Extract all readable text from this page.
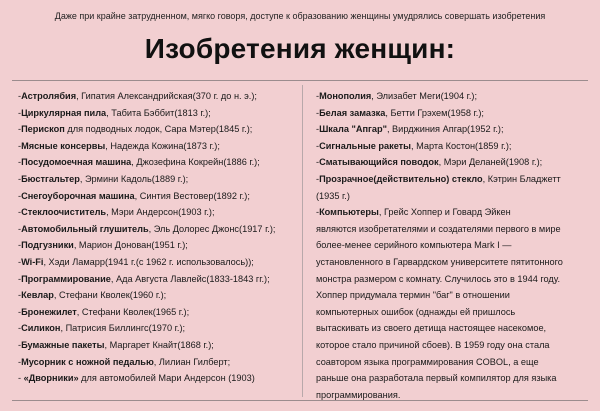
Даже при крайне затрудненном, мягко говоря, доступе к образованию женщины умудрялись совершать изобретения
Изобретения женщин:
-Астролябия, Гипатия Александрийская(370 г. до н. э.);
-Циркулярная пила, Табита Бэббит(1813 г.);
-Перископ для подводных лодок, Сара Мэтер(1845 г.);
-Мясные консервы, Надежда Кожина(1873 г.);
-Посудомоечная машина, Джозефина Кокрейн(1886 г.);
-Бюстгальтер, Эрмини Кадоль(1889 г.);
-Снегоуборочная машина, Синтия Вестовер(1892 г.);
-Стеклоочиститель, Мэри Андерсон(1903 г.);
-Автомобильный глушитель, Эль Долорес Джонс(1917 г.);
-Подгузники, Марион Донован(1951 г.);
-Wi-Fi, Хэди Ламарр(1941 г.(с 1962 г. использовалось));
-Программирование, Ада Августа Лавлейс(1833-1843 гг.);
-Кевлар, Стефани Кволек(1960 г.);
-Бронежилет, Стефани Кволек(1965 г.);
-Силикон, Патрисия Биллингс(1970 г.);
-Бумажные пакеты, Маргарет Кнайт(1868 г.);
-Мусорник с ножной педалью, Лилиан Гилберт;
- «Дворники» для автомобилей Мари Андерсон (1903)
-Монополия, Элизабет Меги(1904 г.);
-Белая замазка, Бетти Грэхем(1958 г.);
-Шкала "Апгар", Вирджиния Апгар(1952 г.);
-Сигнальные ракеты, Марта Костон(1859 г.);
-Сматывающийся поводок, Мэри Деланей(1908 г.);
-Прозрачное(действительно) стекло, Кэтрин Бладжетт
(1935 г.)
-Компьютеры, Грейс Хоппер и Говард Эйкен
являются изобретателями и создателями первого в мире
более-менее серийного компьютера Mark I —
установленного в Гарвардском университете пятитонного
монстра размером с комнату. Случилось это в 1944 году.
Хоппер придумала термин "баг" в отношении
компьютерных ошибок (однажды ей пришлось
вытаскивать из своего детища настоящее насекомое,
которое стало причиной сбоев). В 1959 году она стала
соавтором языка программирования COBOL, а еще
раньше она разработала первый компилятор для языка
программирования.
